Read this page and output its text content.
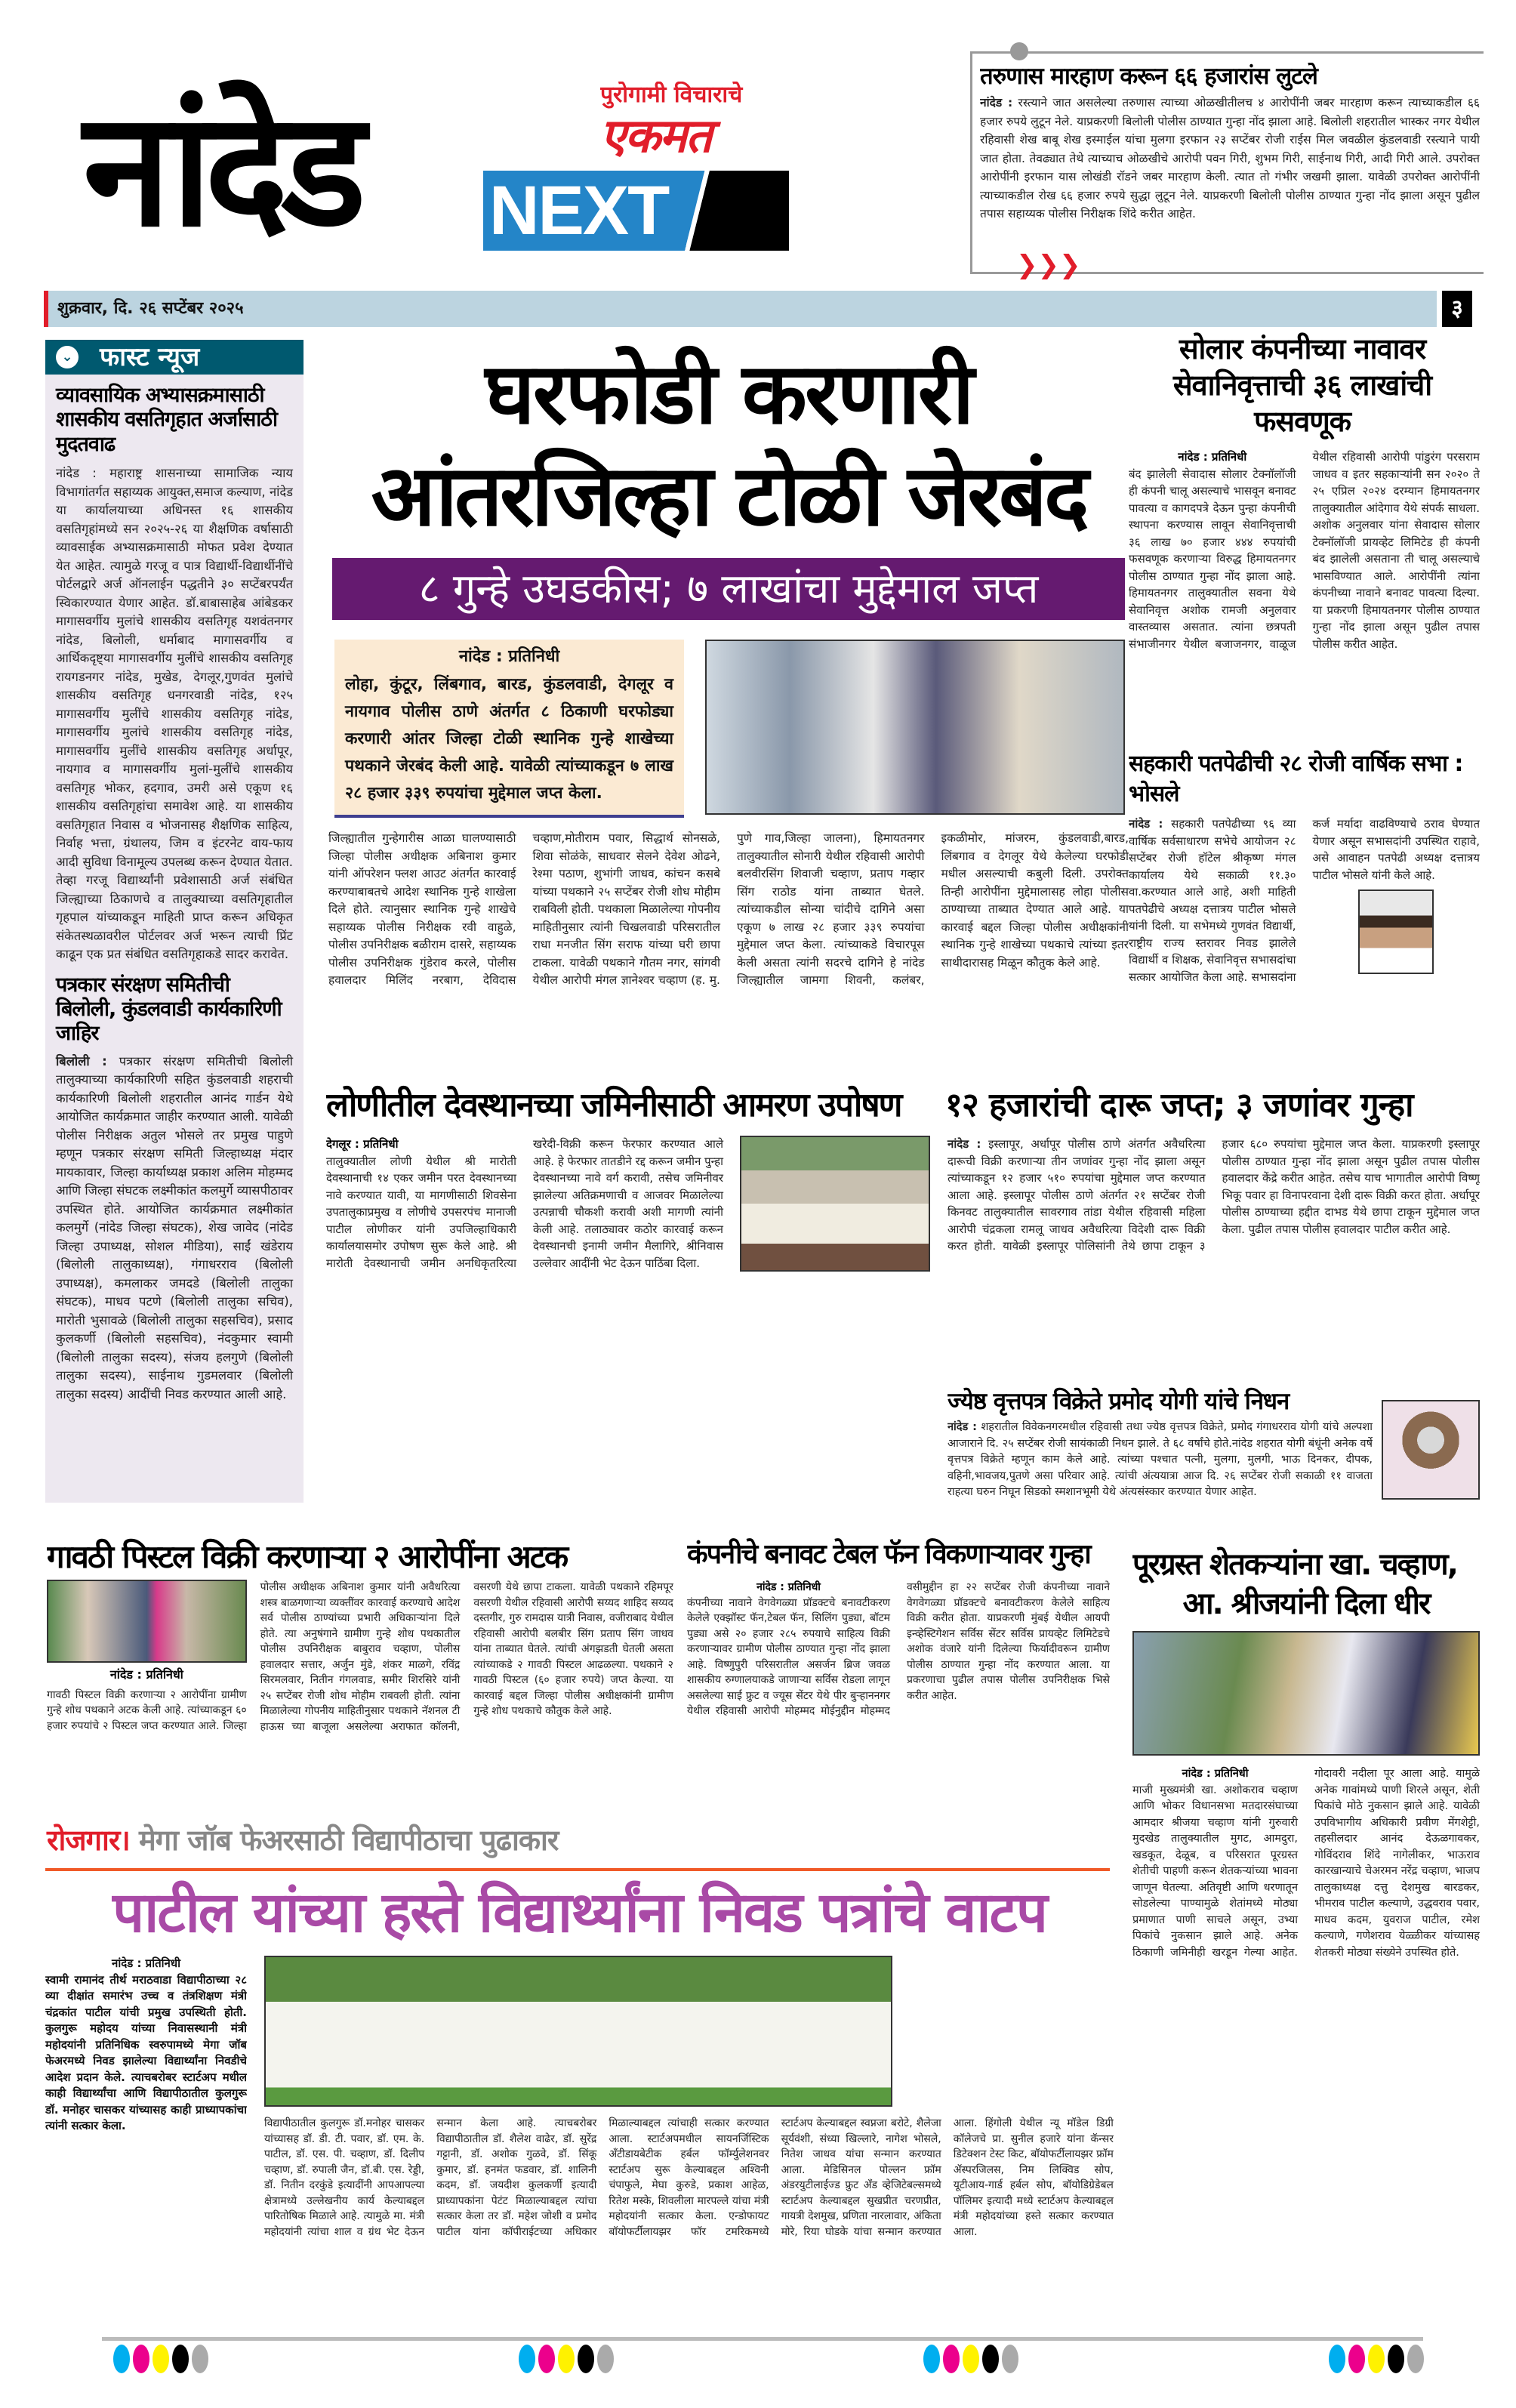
नांदेड	पुरोगामी विचाराचे
एकमत
NEXT
तरुणास मारहाण करून ६६ हजारांस लुटले
नांदेड : रस्त्याने जात असलेल्या तरुणास त्याच्या ओळखीतीलच ४ आरोपींनी जबर मारहाण करून त्याच्याकडील ६६ हजार रुपये लुटून नेले. याप्रकरणी बिलोली पोलीस ठाण्यात गुन्हा नोंद झाला आहे. बिलोली शहरातील भास्कर नगर येथील रहिवासी शेख बाबू शेख इस्माईल यांचा मुलगा इरफान २३ सप्टेंबर रोजी राईस मिल जवळील कुंडलवाडी रस्त्याने पायी जात होता. तेवढ्यात तेथे त्याच्याच ओळखीचे आरोपी पवन गिरी, शुभम गिरी, साईनाथ गिरी, आदी गिरी आले. उपरोक्त आरोपींनी इरफान यास लोखंडी रॉडने जबर मारहाण केली. त्यात तो गंभीर जखमी झाला. यावेळी उपरोक्त आरोपींनी त्याच्याकडील रोख ६६ हजार रुपये सुद्धा लुटून नेले. याप्रकरणी बिलोली पोलीस ठाण्यात गुन्हा नोंद झाला असून पुढील तपास सहाय्यक पोलीस निरीक्षक शिंदे करीत आहेत.
❯❯❯
शुक्रवार, दि. २६ सप्टेंबर २०२५	३
⌄ फास्ट न्यूज
व्यावसायिक अभ्यासक्रमासाठी शासकीय वसतिगृहात अर्जासाठी मुदतवाढ
नांदेड : महाराष्ट्र शासनाच्या सामाजिक न्याय विभागांतर्गत सहाय्यक आयुक्त,समाज कल्याण, नांदेड या कार्यालयाच्या अधिनस्त १६ शासकीय वसतिगृहांमध्ये सन २०२५-२६ या शैक्षणिक वर्षासाठी व्यावसाईक अभ्यासक्रमासाठी मोफत प्रवेश देण्यात येत आहेत. त्यामुळे गरजू व पात्र विद्यार्थी-विद्यार्थीनींचे पोर्टलद्वारे अर्ज ऑनलाईन पद्धतीने ३० सप्टेंबरपर्यंत स्विकारण्यात येणार आहेत. डॉ.बाबासाहेब आंबेडकर मागासवर्गीय मुलांचे शासकीय वसतिगृह यशवंतनगर नांदेड, बिलोली, धर्माबाद मागासवर्गीय व आर्थिकदृष्ट्या मागासवर्गीय मुलींचे शासकीय वसतिगृह रायगडनगर नांदेड, मुखेड, देगलूर,गुणवंत मुलांचे शासकीय वसतिगृह धनगरवाडी नांदेड, १२५ मागासवर्गीय मुलींचे शासकीय वसतिगृह नांदेड, मागासवर्गीय मुलांचे शासकीय वसतिगृह नांदेड, मागासवर्गीय मुलींचे शासकीय वसतिगृह अर्धापूर, नायगाव व मागासवर्गीय मुलां-मुलींचे शासकीय वसतिगृह भोकर, हदगाव, उमरी असे एकूण १६ शासकीय वसतिगृहांचा समावेश आहे. या शासकीय वसतिगृहात निवास व भोजनासह शैक्षणिक साहित्य, निर्वाह भत्ता, ग्रंथालय, जिम व इंटरनेट वाय-फाय आदी सुविधा विनामूल्य उपलब्ध करून देण्यात येतात. तेव्हा गरजू विद्यार्थ्यांनी प्रवेशासाठी अर्ज संबंधित जिल्ह्याच्या ठिकाणचे व तालुक्याच्या वसतिगृहातील गृहपाल यांच्याकडून माहिती प्राप्त करून अधिकृत संकेतस्थळावरील पोर्टलवर अर्ज भरून त्याची प्रिंट काढून एक प्रत संबंधित वसतिगृहाकडे सादर करावेत.
पत्रकार संरक्षण समितीची बिलोली, कुंडलवाडी कार्यकारिणी जाहिर
बिलोली : पत्रकार संरक्षण समितीची बिलोली तालुक्याच्या कार्यकारिणी सहित कुंडलवाडी शहराची कार्यकारिणी बिलोली शहरातील आनंद गार्डन येथे आयोजित कार्यक्रमात जाहीर करण्यात आली. यावेळी पोलीस निरीक्षक अतुल भोसले तर प्रमुख पाहुणे म्हणून पत्रकार संरक्षण समिती जिल्हाध्यक्ष मंदार मायकावार, जिल्हा कार्याध्यक्ष प्रकाश अलिम मोहम्मद आणि जिल्हा संघटक लक्ष्मीकांत कलमुर्गे व्यासपीठावर उपस्थित होते. आयोजित कार्यक्रमात लक्ष्मीकांत कलमुर्गे (नांदेड जिल्हा संघटक), शेख जावेद (नांदेड जिल्हा उपाध्यक्ष, सोशल मीडिया), साईं खंडेराय (बिलोली तालुकाध्यक्ष), गंगाधरराव (बिलोली उपाध्यक्ष), कमलाकर जमदडे (बिलोली तालुका संघटक), माधव पटणे (बिलोली तालुका सचिव), मारोती भुसावळे (बिलोली तालुका सहसचिव), प्रसाद कुलकर्णी (बिलोली सहसचिव), नंदकुमार स्वामी (बिलोली तालुका सदस्य), संजय हलगुणे (बिलोली तालुका सदस्य), साईनाथ गुडमलवार (बिलोली तालुका सदस्य) आदींची निवड करण्यात आली आहे.
घरफोडी करणारी
आंतरजिल्हा टोळी जेरबंद
८ गुन्हे उघडकीस; ७ लाखांचा मुद्देमाल जप्त
नांदेड : प्रतिनिधी
लोहा, कुंटूर, लिंबगाव, बारड, कुंडलवाडी, देगलूर व नायगाव पोलीस ठाणे अंतर्गत ८ ठिकाणी घरफोड्या करणारी आंतर जिल्हा टोळी स्थानिक गुन्हे शाखेच्या पथकाने जेरबंद केली आहे. यावेळी त्यांच्याकडून ७ लाख २८ हजार ३३९ रुपयांचा मुद्देमाल जप्त केला.
जिल्ह्यातील गुन्हेगारीस आळा घालण्यासाठी जिल्हा पोलीस अधीक्षक अबिनाश कुमार यांनी ऑपरेशन फ्लश आउट अंतर्गत कारवाई करण्याबाबतचे आदेश स्थानिक गुन्हे शाखेला दिले होते. त्यानुसार स्थानिक गुन्हे शाखेचे सहाय्यक पोलीस निरीक्षक रवी वाहुळे, पोलीस उपनिरीक्षक बळीराम दासरे, सहाय्यक पोलीस उपनिरीक्षक गुंडेराव करले, पोलीस हवालदार मिलिंद नरबाग, देविदास चव्हाण,मोतीराम पवार, सिद्धार्थ सोनसळे, शिवा सोळंके, साधवार सेलने देवेश ओढने, रेश्मा पठाण, शुभांगी जाधव, कांचन कसबे यांच्या पथकाने २५ सप्टेंबर रोजी शोध मोहीम राबविली होती. पथकाला मिळालेल्या गोपनीय माहितीनुसार त्यांनी चिखलवाडी परिसरातील राधा मनजीत सिंग सराफ यांच्या घरी छापा टाकला. यावेळी पथकाने गौतम नगर, सांगवी येथील आरोपी मंगल ज्ञानेश्वर चव्हाण (ह. मु. पुणे गाव,जिल्हा जालना), हिमायतनगर तालुक्यातील सोनारी येथील रहिवासी आरोपी बलवीरसिंग शिवाजी चव्हाण, प्रताप गव्हार सिंग राठोड यांना ताब्यात घेतले. त्यांच्याकडील सोन्या चांदीचे दागिने असा एकूण ७ लाख २८ हजार ३३९ रुपयांचा मुद्देमाल जप्त केला. त्यांच्याकडे विचारपूस केली असता त्यांनी सदरचे दागिने हे नांदेड जिल्ह्यातील जामगा शिवनी, कलंबर, इकळीमोर, मांजरम, कुंडलवाडी,बारड, लिंबगाव व देगलूर येथे केलेल्या घरफोडी मधील असल्याची कबुली दिली. उपरोक्त तिन्ही आरोपींना मुद्देमालासह लोहा पोलीस ठाण्याच्या ताब्यात देण्यात आले आहे. या कारवाई बद्दल जिल्हा पोलीस अधीक्षकांनी स्थानिक गुन्हे शाखेच्या पथकाचे त्यांच्या इतर साथीदारासह मिळून कौतुक केले आहे.
सोलार कंपनीच्या नावावर
सेवानिवृत्ताची ३६ लाखांची फसवणूक
नांदेड : प्रतिनिधी
बंद झालेली सेवादास सोलार टेक्नॉलॉजी ही कंपनी चालू असल्याचे भासवून बनावट पावत्या व कागदपत्रे देऊन पुन्हा कंपनीची स्थापना करण्यास लावून सेवानिवृत्ताची ३६ लाख ७० हजार ४४४ रुपयांची फसवणूक करणाऱ्या विरुद्ध हिमायतनगर पोलीस ठाण्यात गुन्हा नोंद झाला आहे. हिमायतनगर तालुक्यातील सवना येथे सेवानिवृत्त अशोक रामजी अनुलवार वास्तव्यास असतात. त्यांना छत्रपती संभाजीनगर येथील बजाजनगर, वाळूज येथील रहिवासी आरोपी पांडुरंग परसराम जाधव व इतर सहकाऱ्यांनी सन २०२० ते २५ एप्रिल २०२४ दरम्यान हिमायतनगर तालुक्यातील आंदेगाव येथे संपर्क साधला. अशोक अनुलवार यांना सेवादास सोलार टेक्नॉलॉजी प्रायव्हेट लिमिटेड ही कंपनी बंद झालेली असताना ती चालू असल्याचे भासविण्यात आले. आरोपींनी त्यांना कंपनीच्या नावाने बनावट पावत्या दिल्या. या प्रकरणी हिमायतनगर पोलीस ठाण्यात गुन्हा नोंद झाला असून पुढील तपास पोलीस करीत आहेत.
सहकारी पतपेढीची २८ रोजी वार्षिक सभा : भोसले
नांदेड : सहकारी पतपेढीच्या ९६ व्या वार्षिक सर्वसाधारण सभेचे आयोजन २८ सप्टेंबर रोजी हॉटेल श्रीकृष्ण मंगल कार्यालय येथे सकाळी ११.३० वा.करण्यात आले आहे, अशी माहिती पतपेढीचे अध्यक्ष दत्तात्रय पाटील भोसले यांनी दिली. या सभेमध्ये गुणवंत विद्यार्थी, राष्ट्रीय राज्य स्तरावर निवड झालेले विद्यार्थी व शिक्षक, सेवानिवृत्त सभासदांचा सत्कार आयोजित केला आहे. सभासदांना कर्ज मर्यादा वाढविण्याचे ठराव घेण्यात येणार असून सभासदांनी उपस्थित राहावे, असे आवाहन पतपेढी अध्यक्ष दत्तात्रय पाटील भोसले यांनी केले आहे.
लोणीतील देवस्थानच्या जमिनीसाठी आमरण उपोषण
देगलूर : प्रतिनिधी
तालुक्यातील लोणी येथील श्री मारोती देवस्थानाची १४ एकर जमीन परत देवस्थानच्या नावे करण्यात यावी, या मागणीसाठी शिवसेना उपतालुकाप्रमुख व लोणीचे उपसरपंच मानाजी पाटील लोणीकर यांनी उपजिल्हाधिकारी कार्यालयासमोर उपोषण सुरू केले आहे. श्री मारोती देवस्थानाची जमीन अनधिकृतरित्या खरेदी-विक्री करून फेरफार करण्यात आले आहे. हे फेरफार तातडीने रद्द करून जमीन पुन्हा देवस्थानच्या नावे वर्ग करावी, तसेच जमिनीवर झालेल्या अतिक्रमणाची व आजवर मिळालेल्या उत्पन्नाची चौकशी करावी अशी मागणी त्यांनी केली आहे. तलाठ्यावर कठोर कारवाई करून देवस्थानची इनामी जमीन मैलागिरे, श्रीनिवास उल्लेवार आदींनी भेट देऊन पाठिंबा दिला.
१२ हजारांची दारू जप्त; ३ जणांवर गुन्हा
नांदेड : इस्लापूर, अर्धापूर पोलीस ठाणे अंतर्गत अवैधरित्या दारूची विक्री करणाऱ्या तीन जणांवर गुन्हा नोंद झाला असून त्यांच्याकडून १२ हजार ५१० रुपयांचा मुद्देमाल जप्त करण्यात आला आहे. इस्लापूर पोलीस ठाणे अंतर्गत २१ सप्टेंबर रोजी किनवट तालुक्यातील सावरगाव तांडा येथील रहिवासी महिला आरोपी चंद्रकला रामलू जाधव अवैधरित्या विदेशी दारू विक्री करत होती. यावेळी इस्लापूर पोलिसांनी तेथे छापा टाकून ३ हजार ६८० रुपयांचा मुद्देमाल जप्त केला. याप्रकरणी इस्लापूर पोलीस ठाण्यात गुन्हा नोंद झाला असून पुढील तपास पोलीस हवालदार केंद्रे करीत आहेत. तसेच याच भागातील आरोपी विष्णू भिकू पवार हा विनापरवाना देशी दारू विक्री करत होता. अर्धापूर पोलीस ठाण्याच्या हद्दीत दाभड येथे छापा टाकून मुद्देमाल जप्त केला. पुढील तपास पोलीस हवालदार पाटील करीत आहे.
ज्येष्ठ वृत्तपत्र विक्रेते प्रमोद योगी यांचे निधन
नांदेड : शहरातील विवेकनगरमधील रहिवासी तथा ज्येष्ठ वृत्तपत्र विक्रेते, प्रमोद गंगाधरराव योगी यांचे अल्पशा आजाराने दि. २५ सप्टेंबर रोजी सायंकाळी निधन झाले. ते ६८ वर्षांचे होते.नांदेड शहरात योगी बंधूंनी अनेक वर्षे वृत्तपत्र विक्रेते म्हणून काम केले आहे. त्यांच्या पश्चात पत्नी, मुलगा, मुलगी, भाऊ दिनकर, दीपक, वहिनी,भावजय,पुतणे असा परिवार आहे. त्यांची अंत्ययात्रा आज दि. २६ सप्टेंबर रोजी सकाळी ११ वाजता राहत्या घरुन निघून सिडको स्मशानभूमी येथे अंत्यसंस्कार करण्यात येणार आहेत.
गावठी पिस्टल विक्री करणाऱ्या २ आरोपींना अटक
नांदेड : प्रतिनिधी
गावठी पिस्टल विक्री करणाऱ्या २ आरोपींना ग्रामीण गुन्हे शोध पथकाने अटक केली आहे. त्यांच्याकडून ६० हजार रुपयांचे २ पिस्टल जप्त करण्यात आले. जिल्हा पोलीस अधीक्षक अबिनाश कुमार यांनी अवैधरित्या शस्त्र बाळगणाऱ्या व्यक्तींवर कारवाई करण्याचे आदेश सर्व पोलीस ठाण्यांच्या प्रभारी अधिकाऱ्यांना दिले होते. त्या अनुषंगाने ग्रामीण गुन्हे शोध पथकातील पोलीस उपनिरीक्षक बाबुराव चव्हाण, पोलीस हवालदार सत्तार, अर्जुन मुंडे, शंकर माळगे, रविंद्र सिरमलवार, नितीन गंगलवाड, समीर शिरसिरे यांनी २५ सप्टेंबर रोजी शोध मोहीम राबवली होती. त्यांना मिळालेल्या गोपनीय माहितीनुसार पथकाने नॅशनल टी हाऊस च्या बाजूला असलेल्या अराफात कॉलनी, वसरणी येथे छापा टाकला. यावेळी पथकाने रहिमपूर वसरणी येथील रहिवासी आरोपी सय्यद शाहिद सय्यद दस्तगीर, गुरु रामदास यात्री निवास, वजीराबाद येथील रहिवासी आरोपी बलबीर सिंग प्रताप सिंग जाधव यांना ताब्यात घेतले. त्यांची अंगझडती घेतली असता त्यांच्याकडे २ गावठी पिस्टल आढळल्या. पथकाने २ गावठी पिस्टल (६० हजार रुपये) जप्त केल्या. या कारवाई बद्दल जिल्हा पोलीस अधीक्षकांनी ग्रामीण गुन्हे शोध पथकाचे कौतुक केले आहे.
कंपनीचे बनावट टेबल फॅन विकणाऱ्यावर गुन्हा
नांदेड : प्रतिनिधी
कंपनीच्या नावाने वेगवेगळ्या प्रॉडक्टचे बनावटीकरण केलेले एक्झॉस्ट फॅन,टेबल फॅन, सिलिंग पुड्या, बॉटम पुड्या असे २० हजार २८५ रुपयाचे साहित्य विक्री करणाऱ्यावर ग्रामीण पोलीस ठाण्यात गुन्हा नोंद झाला आहे. विष्णुपुरी परिसरातील असर्जन ब्रिज जवळ शासकीय रुग्णालयाकडे जाणाऱ्या सर्विस रोडला लागून असलेल्या साई फ्रुट व ज्यूस सेंटर येथे पीर बुऱ्हाननगर येथील रहिवासी आरोपी मोहम्मद मोईनुद्दीन मोहम्मद वसीमुद्दीन हा २२ सप्टेंबर रोजी कंपनीच्या नावाने वेगवेगळ्या प्रॉडक्टचे बनावटीकरण केलेले साहित्य विक्री करीत होता. याप्रकरणी मुंबई येथील आयपी इन्व्हेस्टिगेशन सर्विस सेंटर सर्विस प्रायव्हेट लिमिटेडचे अशोक वंजारे यांनी दिलेल्या फिर्यादीवरून ग्रामीण पोलीस ठाण्यात गुन्हा नोंद करण्यात आला. या प्रकरणाचा पुढील तपास पोलीस उपनिरीक्षक भिसे करीत आहेत.
पूरग्रस्त शेतकऱ्यांना खा. चव्हाण,
आ. श्रीजयांनी दिला धीर
नांदेड : प्रतिनिधी
माजी मुख्यमंत्री खा. अशोकराव चव्हाण आणि भोकर विधानसभा मतदारसंघाच्या आमदार श्रीजया चव्हाण यांनी गुरुवारी मुदखेड तालुक्यातील मुगट, आमदुरा, खडकूत, देळूब, व परिसरात पूरग्रस्त शेतीची पाहणी करून शेतकऱ्यांच्या भावना जाणून घेतल्या. अतिवृष्टी आणि धरणातून सोडलेल्या पाण्यामुळे शेतांमध्ये मोठ्या प्रमाणात पाणी साचले असून, उभ्या पिकांचे नुकसान झाले आहे. अनेक ठिकाणी जमिनीही खरडून गेल्या आहेत. गोदावरी नदीला पूर आला आहे. यामुळे अनेक गावांमध्ये पाणी शिरले असून, शेती पिकांचे मोठे नुकसान झाले आहे. यावेळी उपविभागीय अधिकारी प्रवीण मेंगशेट्टी, तहसीलदार आनंद देऊळगावकर, गोविंदराव शिंदे नागेलीकर, भाऊराव कारखान्याचे चेअरमन नरेंद्र चव्हाण, भाजप तालुकाध्यक्ष दत्तु देशमुख बारडकर, भीमराव पाटील कल्याणे, उद्धवराव पवार, माधव कदम, युवराज पाटील, रमेश कल्याणे, गणेशराव येळ्ळीकर यांच्यासह शेतकरी मोठ्या संख्येने उपस्थित होते.
रोजगार। मेगा जॉब फेअरसाठी विद्यापीठाचा पुढाकार
पाटील यांच्या हस्ते विद्यार्थ्यांना निवड पत्रांचे वाटप
नांदेड : प्रतिनिधी
स्वामी रामानंद तीर्थ मराठवाडा विद्यापीठाच्या २८ व्या दीक्षांत समारंभ उच्च व तंत्रशिक्षण मंत्री चंद्रकांत पाटील यांची प्रमुख उपस्थिती होती. कुलगुरू महोदय यांच्या निवासस्थानी मंत्री महोदयांनी प्रतिनिधिक स्वरुपामध्ये मेगा जॉब फेअरमध्ये निवड झालेल्या विद्यार्थ्यांना निवडीचे आदेश प्रदान केले. त्याचबरोबर स्टार्टअप मधील काही विद्यार्थ्यांचा आणि विद्यापीठातील कुलगुरू डॉ. मनोहर चासकर यांच्यासह काही प्राध्यापकांचा त्यांनी सत्कार केला.	विद्यापीठातील कुलगुरू डॉ.मनोहर चासकर यांच्यासह डॉ. डी. टी. पवार, डॉ. एम. के. पाटील, डॉ. एस. पी. चव्हाण, डॉ. दिलीप चव्हाण, डॉ. रुपाली जैन, डॉ.बी. एस. रेड्डी, डॉ. नितीन दरकुंडे इत्यादींनी आपआपल्या क्षेत्रामध्ये उल्लेखनीय कार्य केल्याबद्दल पारितोषिक मिळाले आहे. त्यामुळे मा. मंत्री महोदयांनी त्यांचा शाल व ग्रंथ भेट देऊन सन्मान केला आहे. त्याचबरोबर विद्यापीठातील डॉ. शैलेश वाढेर, डॉ. सुरेंद्र गट्टानी, डॉ. अशोक गुळवे, डॉ. सिंकू कुमार, डॉ. हनमंत फडवार, डॉ. शालिनी कदम, डॉ. जयदीश कुलकर्णी इत्यादी प्राध्यापकांना पेटंट मिळाल्याबद्दल त्यांचा सत्कार केला तर डॉ. महेश जोशी व प्रमोद पाटील यांना कॉपीराईटच्या अधिकार मिळाल्याबद्दल त्यांचाही सत्कार करण्यात आला. स्टार्टअपमधील सायनर्जिस्टिक ॲंटीडायबेटीक हर्बल फॉर्म्युलेशनवर स्टार्टअप सुरू केल्याबद्दल अश्विनी चंपाफुले, मेघा कुरुडे, प्रकाश आहेळ, रितेश मस्के, शिवलीला मारपल्ले यांचा मंत्री महोदयांनी सत्कार केला. एन्डोफायट बॉयोफर्टीलायझर फॉर टमरिकमध्ये स्टार्टअप केल्याबद्दल स्वप्नजा बरोटे, शैलेजा सूर्यवंशी, संध्या खिल्लारे, नागेश भोसले, नितेश जाधव यांचा सन्मान करण्यात आला. मेडिसिनल पोल्लन फ्रॉम अंडरयुटीलाईज्ड फ्रुट ॲंड व्हेजिटेबल्समध्ये स्टार्टअप केल्याबद्दल सुखप्रीत चरणप्रीत, गायत्री देशमुख, प्रणिता नारलावार, अंकिता मोरे, रिया घोडके यांचा सन्मान करण्यात आला. हिंगोली येथील न्यू मॉडेल डिग्री कॉलेजचे प्रा. सुनील हजारे यांना कॅन्सर डिटेक्शन टेस्ट किट, बॉयोफर्टीलायझर फ्रॉम ॲस्परजिलस, निम लिक्विड सोप, यूटीआय-गार्ड हर्बल सोप, बॉयोडिग्रेडेबल पॉलिमर इत्यादी मध्ये स्टार्टअप केल्याबद्दल मंत्री महोदयांच्या हस्ते सत्कार करण्यात आला.
